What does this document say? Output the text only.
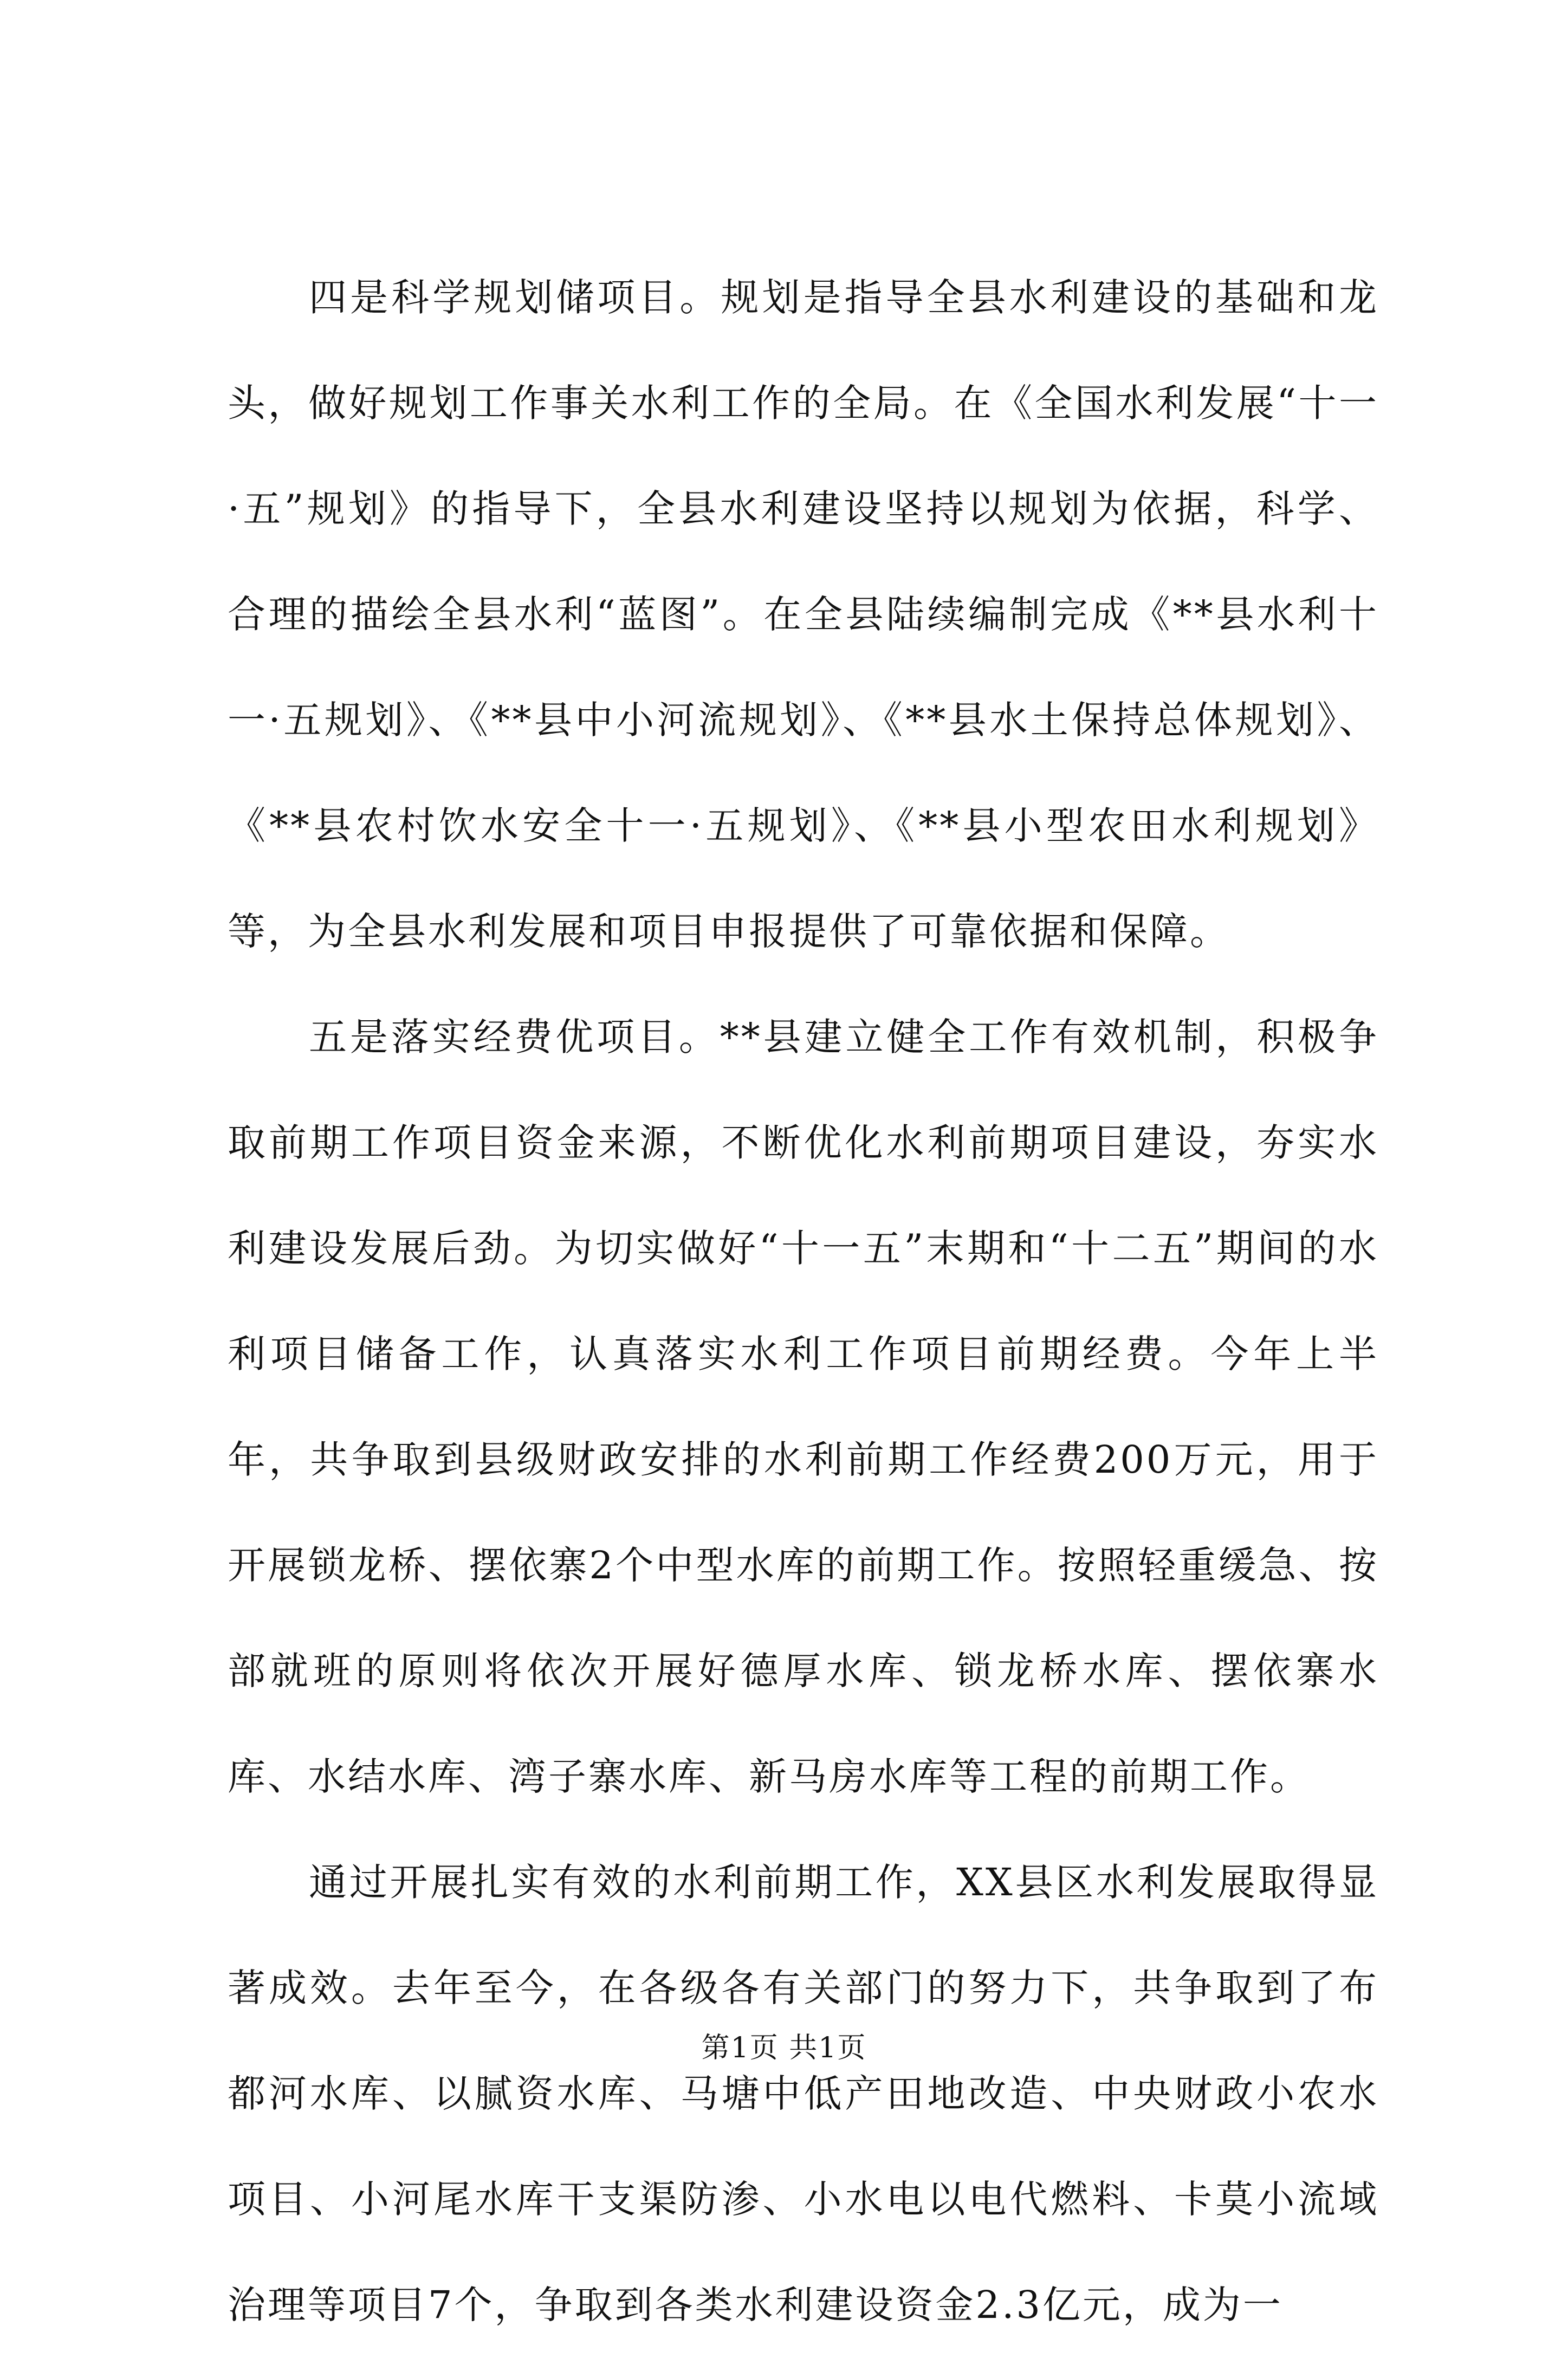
四是科学规划储项目。规划是指导全县水利建设的基础和龙头，做好规划工作事关水利工作的全局。在《全国水利发展“十一·五”规划》的指导下，全县水利建设坚持以规划为依据，科学、合理的描绘全县水利“蓝图”。在全县陆续编制完成《**县水利十一·五规划》、《**县中小河流规划》、《**县水土保持总体规划》、《**县农村饮水安全十一·五规划》、《**县小型农田水利规划》等，为全县水利发展和项目申报提供了可靠依据和保障。

五是落实经费优项目。**县建立健全工作有效机制，积极争取前期工作项目资金来源，不断优化水利前期项目建设，夯实水利建设发展后劲。为切实做好“十一五”末期和“十二五”期间的水利项目储备工作，认真落实水利工作项目前期经费。今年上半年，共争取到县级财政安排的水利前期工作经费200万元，用于开展锁龙桥、摆依寨2个中型水库的前期工作。按照轻重缓急、按部就班的原则将依次开展好德厚水库、锁龙桥水库、摆依寨水库、水结水库、湾子寨水库、新马房水库等工程的前期工作。

通过开展扎实有效的水利前期工作，XX县区水利发展取得显著成效。去年至今，在各级各有关部门的努力下，共争取到了布都河水库、以腻资水库、马塘中低产田地改造、中央财政小农水项目、小河尾水库干支渠防渗、小水电以电代燃料、卡莫小流域治理等项目7个，争取到各类水利建设资金2.3亿元，成为一

第1页 共1页
